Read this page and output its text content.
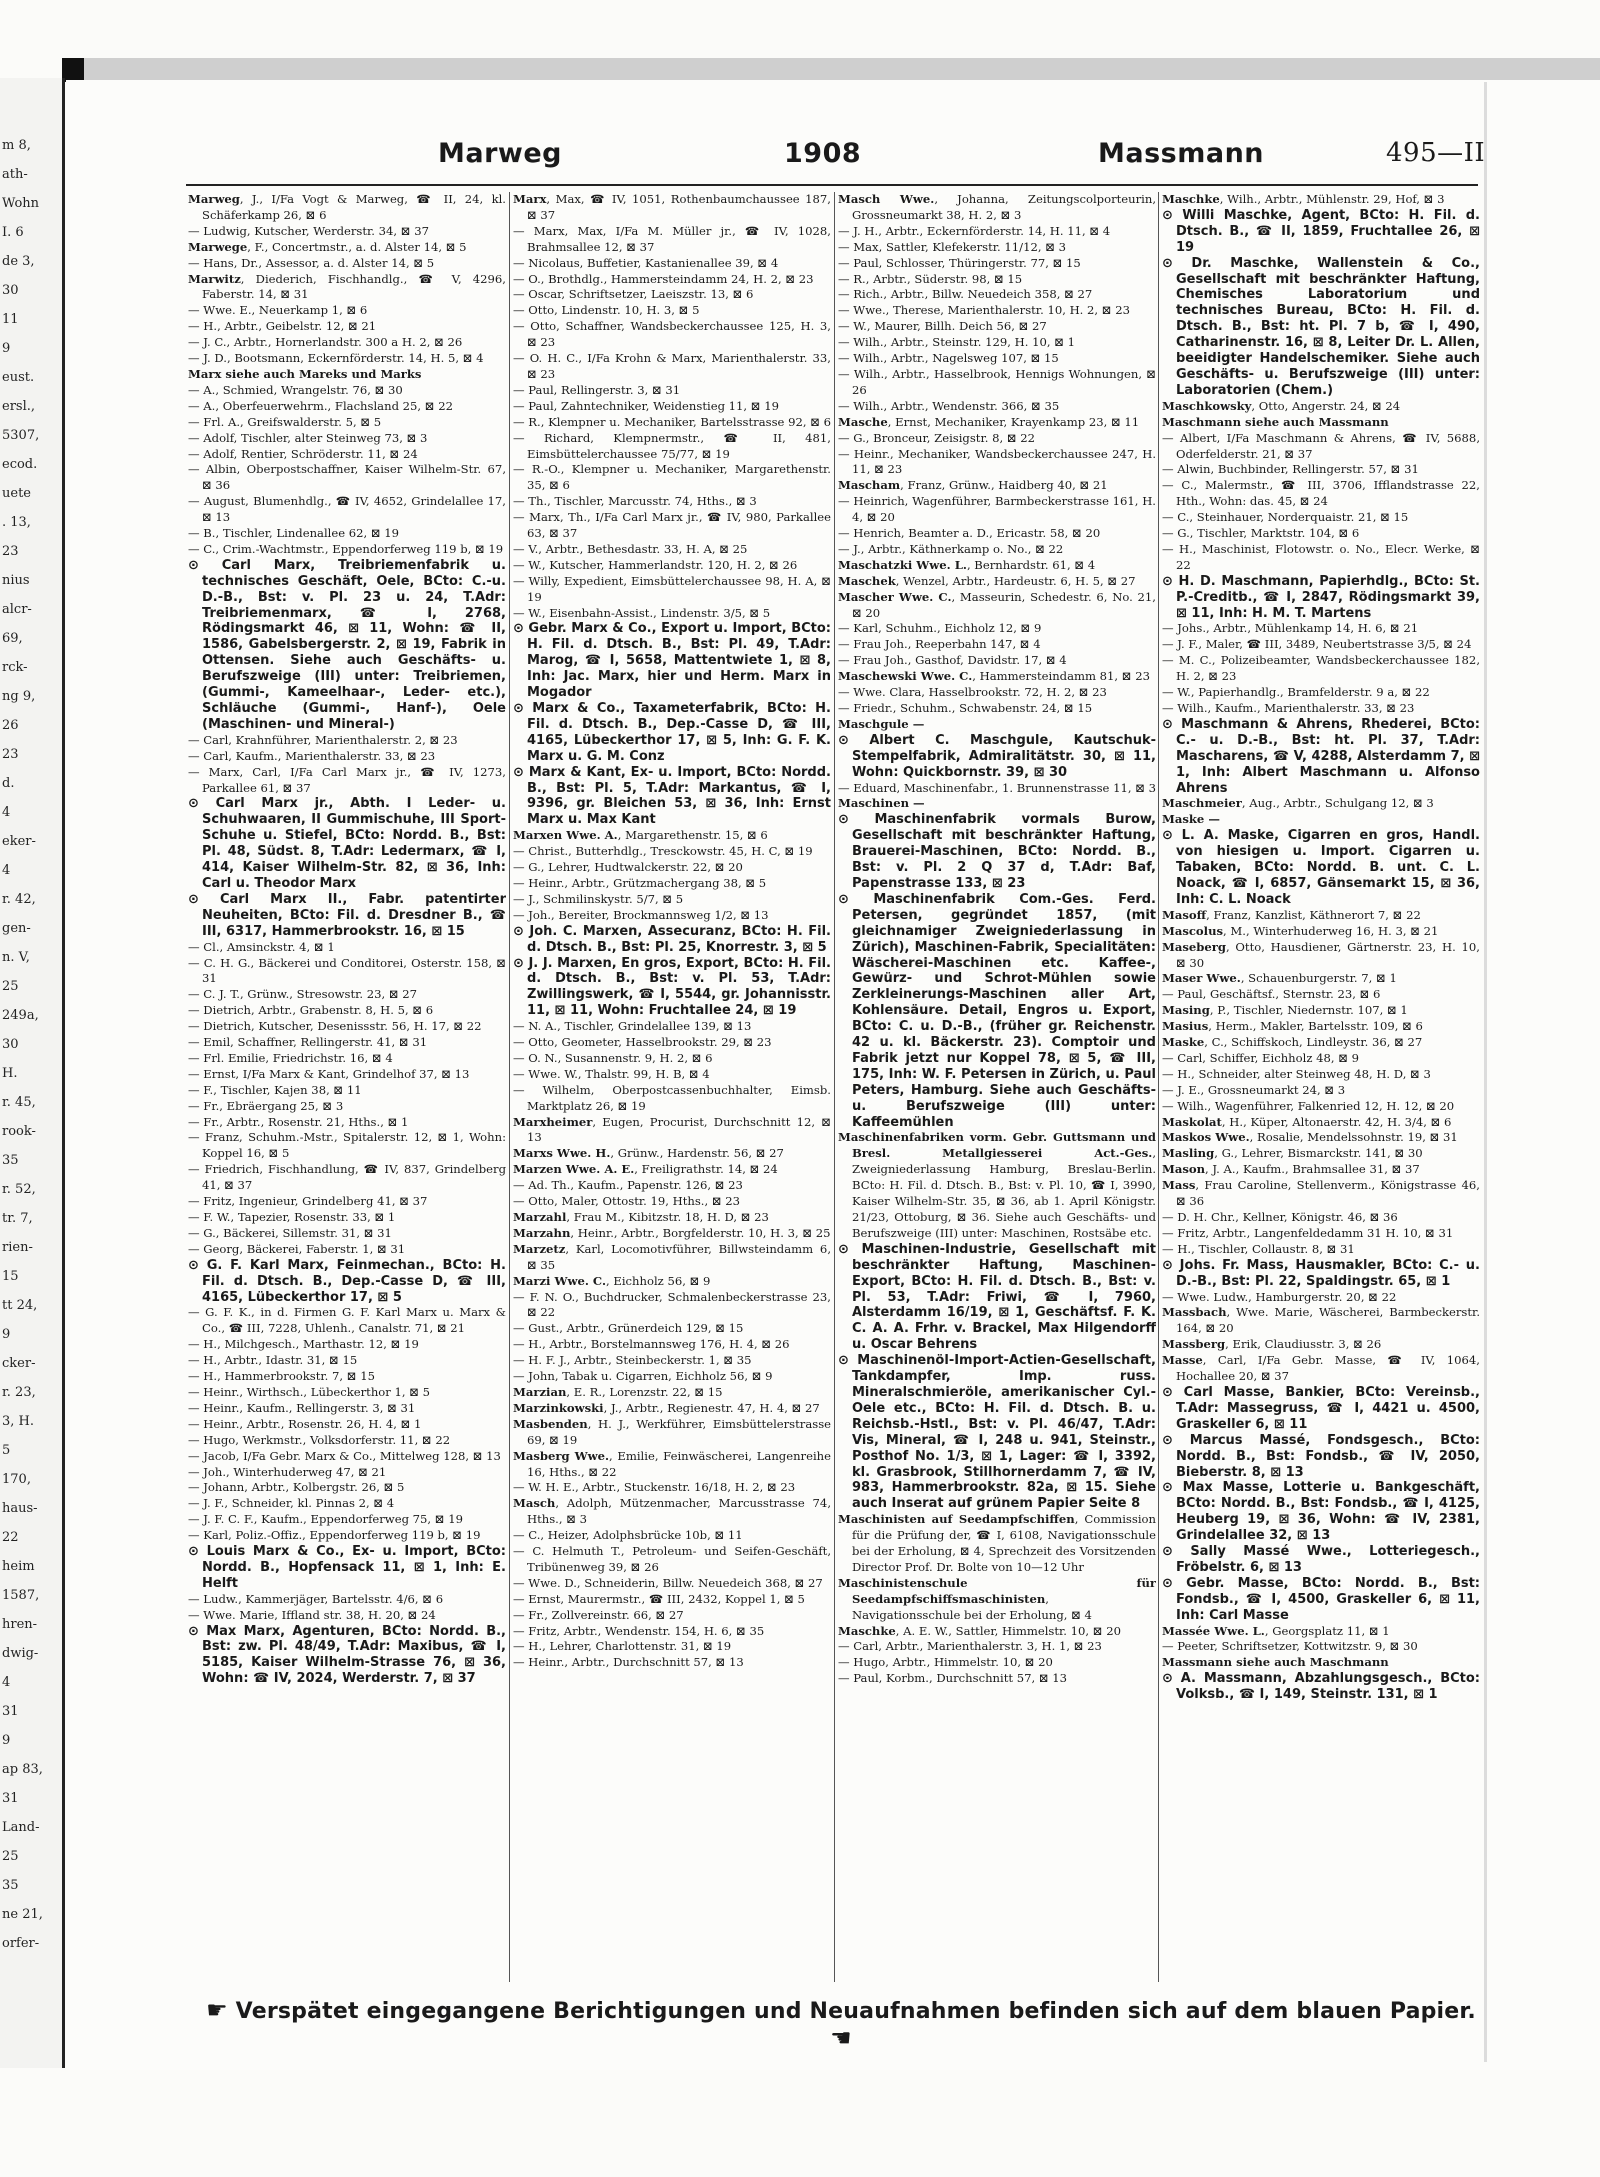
m 8,
ath-
Wohn
I. 6
de 3,
30
11
9
eust.
ersl.,
5307,
ecod.
uete
. 13,
23
nius
alcr-
69,
rck-
ng 9,
26
23
d.
4
eker-
4
r. 42,
gen-
n. V,
25
249a,
30
H.
r. 45,
rook-
35
r. 52,
tr. 7,
rien-
15
tt 24,
9
cker-
r. 23,
3, H.
5
170,
haus-
22
heim
1587,
hren-
dwig-
4
31
9
ap 83,
31
Land-
25
35
ne 21,
orfer-
Marweg	1908	Massmann	495—II

Marweg, J., I/Fa Vogt & Marweg, ☎ II, 24, kl. Schäferkamp 26, ⊠ 6

— Ludwig, Kutscher, Werderstr. 34, ⊠ 37

Marwege, F., Concertmstr., a. d. Alster 14, ⊠ 5

— Hans, Dr., Assessor, a. d. Alster 14, ⊠ 5

Marwitz, Diederich, Fischhandlg., ☎ V, 4296, Faberstr. 14, ⊠ 31

— Wwe. E., Neuerkamp 1, ⊠ 6

— H., Arbtr., Geibelstr. 12, ⊠ 21

— J. C., Arbtr., Hornerlandstr. 300 a H. 2, ⊠ 26

— J. D., Bootsmann, Eckernförderstr. 14, H. 5, ⊠ 4

Marx siehe auch Mareks und Marks

— A., Schmied, Wrangelstr. 76, ⊠ 30

— A., Oberfeuerwehrm., Flachsland 25, ⊠ 22

— Frl. A., Greifswalderstr. 5, ⊠ 5

— Adolf, Tischler, alter Steinweg 73, ⊠ 3

— Adolf, Rentier, Schröderstr. 11, ⊠ 24

— Albin, Oberpostschaffner, Kaiser Wilhelm-Str. 67, ⊠ 36

— August, Blumenhdlg., ☎ IV, 4652, Grindelallee 17, ⊠ 13

— B., Tischler, Lindenallee 62, ⊠ 19

— C., Crim.-Wachtmstr., Eppendorferweg 119 b, ⊠ 19

⊙ Carl Marx, Treibriemenfabrik u. technisches Geschäft, Oele, BCto: C.-u. D.-B., Bst: v. Pl. 23 u. 24, T.Adr: Treibriemenmarx, ☎ I, 2768, Rödingsmarkt 46, ⊠ 11, Wohn: ☎ II, 1586, Gabelsbergerstr. 2, ⊠ 19, Fabrik in Ottensen. Siehe auch Geschäfts- u. Berufszweige (III) unter: Treibriemen, (Gummi-, Kameelhaar-, Leder- etc.), Schläuche (Gummi-, Hanf-), Oele (Maschinen- und Mineral-)

— Carl, Krahnführer, Marienthalerstr. 2, ⊠ 23

— Carl, Kaufm., Marienthalerstr. 33, ⊠ 23

— Marx, Carl, I/Fa Carl Marx jr., ☎ IV, 1273, Parkallee 61, ⊠ 37

⊙ Carl Marx jr., Abth. I Leder- u. Schuhwaaren, II Gummischuhe, III Sport-Schuhe u. Stiefel, BCto: Nordd. B., Bst: Pl. 48, Südst. 8, T.Adr: Ledermarx, ☎ I, 414, Kaiser Wilhelm-Str. 82, ⊠ 36, Inh: Carl u. Theodor Marx

⊙ Carl Marx II., Fabr. patentirter Neuheiten, BCto: Fil. d. Dresdner B., ☎ III, 6317, Hammerbrookstr. 16, ⊠ 15

— Cl., Amsinckstr. 4, ⊠ 1

— C. H. G., Bäckerei und Conditorei, Osterstr. 158, ⊠ 31

— C. J. T., Grünw., Stresowstr. 23, ⊠ 27

— Dietrich, Arbtr., Grabenstr. 8, H. 5, ⊠ 6

— Dietrich, Kutscher, Desenissstr. 56, H. 17, ⊠ 22

— Emil, Schaffner, Rellingerstr. 41, ⊠ 31

— Frl. Emilie, Friedrichstr. 16, ⊠ 4

— Ernst, I/Fa Marx & Kant, Grindelhof 37, ⊠ 13

— F., Tischler, Kajen 38, ⊠ 11

— Fr., Ebräergang 25, ⊠ 3

— Fr., Arbtr., Rosenstr. 21, Hths., ⊠ 1

— Franz, Schuhm.-Mstr., Spitalerstr. 12, ⊠ 1, Wohn: Koppel 16, ⊠ 5

— Friedrich, Fischhandlung, ☎ IV, 837, Grindelberg 41, ⊠ 37

— Fritz, Ingenieur, Grindelberg 41, ⊠ 37

— F. W., Tapezier, Rosenstr. 33, ⊠ 1

— G., Bäckerei, Sillemstr. 31, ⊠ 31

— Georg, Bäckerei, Faberstr. 1, ⊠ 31

⊙ G. F. Karl Marx, Feinmechan., BCto: H. Fil. d. Dtsch. B., Dep.-Casse D, ☎ III, 4165, Lübeckerthor 17, ⊠ 5

— G. F. K., in d. Firmen G. F. Karl Marx u. Marx & Co., ☎ III, 7228, Uhlenh., Canalstr. 71, ⊠ 21

— H., Milchgesch., Marthastr. 12, ⊠ 19

— H., Arbtr., Idastr. 31, ⊠ 15

— H., Hammerbrookstr. 7, ⊠ 15

— Heinr., Wirthsch., Lübeckerthor 1, ⊠ 5

— Heinr., Kaufm., Rellingerstr. 3, ⊠ 31

— Heinr., Arbtr., Rosenstr. 26, H. 4, ⊠ 1

— Hugo, Werkmstr., Volksdorferstr. 11, ⊠ 22

— Jacob, I/Fa Gebr. Marx & Co., Mittelweg 128, ⊠ 13

— Joh., Winterhuderweg 47, ⊠ 21

— Johann, Arbtr., Kolbergstr. 26, ⊠ 5

— J. F., Schneider, kl. Pinnas 2, ⊠ 4

— J. F. C. F., Kaufm., Eppendorferweg 75, ⊠ 19

— Karl, Poliz.-Offiz., Eppendorferweg 119 b, ⊠ 19

⊙ Louis Marx & Co., Ex- u. Import, BCto: Nordd. B., Hopfensack 11, ⊠ 1, Inh: E. Helft

— Ludw., Kammerjäger, Bartelsstr. 4/6, ⊠ 6

— Wwe. Marie, Iffland str. 38, H. 20, ⊠ 24

⊙ Max Marx, Agenturen, BCto: Nordd. B., Bst: zw. Pl. 48/49, T.Adr: Maxibus, ☎ I, 5185, Kaiser Wilhelm-Strasse 76, ⊠ 36, Wohn: ☎ IV, 2024, Werderstr. 7, ⊠ 37

Marx, Max, ☎ IV, 1051, Rothenbaumchaussee 187, ⊠ 37

— Marx, Max, I/Fa M. Müller jr., ☎ IV, 1028, Brahmsallee 12, ⊠ 37

— Nicolaus, Buffetier, Kastanienallee 39, ⊠ 4

— O., Brothdlg., Hammersteindamm 24, H. 2, ⊠ 23

— Oscar, Schriftsetzer, Laeiszstr. 13, ⊠ 6

— Otto, Lindenstr. 10, H. 3, ⊠ 5

— Otto, Schaffner, Wandsbeckerchaussee 125, H. 3, ⊠ 23

— O. H. C., I/Fa Krohn & Marx, Marienthalerstr. 33, ⊠ 23

— Paul, Rellingerstr. 3, ⊠ 31

— Paul, Zahntechniker, Weidenstieg 11, ⊠ 19

— R., Klempner u. Mechaniker, Bartelsstrasse 92, ⊠ 6

— Richard, Klempnermstr., ☎ II, 481, Eimsbüttelerchaussee 75/77, ⊠ 19

— R.-O., Klempner u. Mechaniker, Margarethenstr. 35, ⊠ 6

— Th., Tischler, Marcusstr. 74, Hths., ⊠ 3

— Marx, Th., I/Fa Carl Marx jr., ☎ IV, 980, Parkallee 63, ⊠ 37

— V., Arbtr., Bethesdastr. 33, H. A, ⊠ 25

— W., Kutscher, Hammerlandstr. 120, H. 2, ⊠ 26

— Willy, Expedient, Eimsbüttelerchaussee 98, H. A, ⊠ 19

— W., Eisenbahn-Assist., Lindenstr. 3/5, ⊠ 5

⊙ Gebr. Marx & Co., Export u. Import, BCto: H. Fil. d. Dtsch. B., Bst: Pl. 49, T.Adr: Marog, ☎ I, 5658, Mattentwiete 1, ⊠ 8, Inh: Jac. Marx, hier und Herm. Marx in Mogador

⊙ Marx & Co., Taxameterfabrik, BCto: H. Fil. d. Dtsch. B., Dep.-Casse D, ☎ III, 4165, Lübeckerthor 17, ⊠ 5, Inh: G. F. K. Marx u. G. M. Conz

⊙ Marx & Kant, Ex- u. Import, BCto: Nordd. B., Bst: Pl. 5, T.Adr: Markantus, ☎ I, 9396, gr. Bleichen 53, ⊠ 36, Inh: Ernst Marx u. Max Kant

Marxen Wwe. A., Margarethenstr. 15, ⊠ 6

— Christ., Butterhdlg., Tresckowstr. 45, H. C, ⊠ 19

— G., Lehrer, Hudtwalckerstr. 22, ⊠ 20

— Heinr., Arbtr., Grützmachergang 38, ⊠ 5

— J., Schmilinskystr. 5/7, ⊠ 5

— Joh., Bereiter, Brockmannsweg 1/2, ⊠ 13

⊙ Joh. C. Marxen, Assecuranz, BCto: H. Fil. d. Dtsch. B., Bst: Pl. 25, Knorrestr. 3, ⊠ 5

⊙ J. J. Marxen, En gros, Export, BCto: H. Fil. d. Dtsch. B., Bst: v. Pl. 53, T.Adr: Zwillingswerk, ☎ I, 5544, gr. Johannisstr. 11, ⊠ 11, Wohn: Fruchtallee 24, ⊠ 19

— N. A., Tischler, Grindelallee 139, ⊠ 13

— Otto, Geometer, Hasselbrookstr. 29, ⊠ 23

— O. N., Susannenstr. 9, H. 2, ⊠ 6

— Wwe. W., Thalstr. 99, H. B, ⊠ 4

— Wilhelm, Oberpostcassenbuchhalter, Eimsb. Marktplatz 26, ⊠ 19

Marxheimer, Eugen, Procurist, Durchschnitt 12, ⊠ 13

Marxs Wwe. H., Grünw., Hardenstr. 56, ⊠ 27

Marzen Wwe. A. E., Freiligrathstr. 14, ⊠ 24

— Ad. Th., Kaufm., Papenstr. 126, ⊠ 23

— Otto, Maler, Ottostr. 19, Hths., ⊠ 23

Marzahl, Frau M., Kibitzstr. 18, H. D, ⊠ 23

Marzahn, Heinr., Arbtr., Borgfelderstr. 10, H. 3, ⊠ 25

Marzetz, Karl, Locomotivführer, Billwsteindamm 6, ⊠ 35

Marzi Wwe. C., Eichholz 56, ⊠ 9

— F. N. O., Buchdrucker, Schmalenbeckerstrasse 23, ⊠ 22

— Gust., Arbtr., Grünerdeich 129, ⊠ 15

— H., Arbtr., Borstelmannsweg 176, H. 4, ⊠ 26

— H. F. J., Arbtr., Steinbeckerstr. 1, ⊠ 35

— John, Tabak u. Cigarren, Eichholz 56, ⊠ 9

Marzian, E. R., Lorenzstr. 22, ⊠ 15

Marzinkowski, J., Arbtr., Regienestr. 47, H. 4, ⊠ 27

Masbenden, H. J., Werkführer, Eimsbüttelerstrasse 69, ⊠ 19

Masberg Wwe., Emilie, Feinwäscherei, Langenreihe 16, Hths., ⊠ 22

— W. H. E., Arbtr., Stuckenstr. 16/18, H. 2, ⊠ 23

Masch, Adolph, Mützenmacher, Marcusstrasse 74, Hths., ⊠ 3

— C., Heizer, Adolphsbrücke 10b, ⊠ 11

— C. Helmuth T., Petroleum- und Seifen-Geschäft, Tribünenweg 39, ⊠ 26

— Wwe. D., Schneiderin, Billw. Neuedeich 368, ⊠ 27

— Ernst, Maurermstr., ☎ III, 2432, Koppel 1, ⊠ 5

— Fr., Zollvereinstr. 66, ⊠ 27

— Fritz, Arbtr., Wendenstr. 154, H. 6, ⊠ 35

— H., Lehrer, Charlottenstr. 31, ⊠ 19

— Heinr., Arbtr., Durchschnitt 57, ⊠ 13

Masch Wwe., Johanna, Zeitungscolporteurin, Grossneumarkt 38, H. 2, ⊠ 3

— J. H., Arbtr., Eckernförderstr. 14, H. 11, ⊠ 4

— Max, Sattler, Klefekerstr. 11/12, ⊠ 3

— Paul, Schlosser, Thüringerstr. 77, ⊠ 15

— R., Arbtr., Süderstr. 98, ⊠ 15

— Rich., Arbtr., Billw. Neuedeich 358, ⊠ 27

— Wwe., Therese, Marienthalerstr. 10, H. 2, ⊠ 23

— W., Maurer, Billh. Deich 56, ⊠ 27

— Wilh., Arbtr., Steinstr. 129, H. 10, ⊠ 1

— Wilh., Arbtr., Nagelsweg 107, ⊠ 15

— Wilh., Arbtr., Hasselbrook, Hennigs Wohnungen, ⊠ 26

— Wilh., Arbtr., Wendenstr. 366, ⊠ 35

Masche, Ernst, Mechaniker, Krayenkamp 23, ⊠ 11

— G., Bronceur, Zeisigstr. 8, ⊠ 22

— Heinr., Mechaniker, Wandsbeckerchaussee 247, H. 11, ⊠ 23

Mascham, Franz, Grünw., Haidberg 40, ⊠ 21

— Heinrich, Wagenführer, Barmbeckerstrasse 161, H. 4, ⊠ 20

— Henrich, Beamter a. D., Ericastr. 58, ⊠ 20

— J., Arbtr., Käthnerkamp o. No., ⊠ 22

Maschatzki Wwe. L., Bernhardstr. 61, ⊠ 4

Maschek, Wenzel, Arbtr., Hardeustr. 6, H. 5, ⊠ 27

Mascher Wwe. C., Masseurin, Schedestr. 6, No. 21, ⊠ 20

— Karl, Schuhm., Eichholz 12, ⊠ 9

— Frau Joh., Reeperbahn 147, ⊠ 4

— Frau Joh., Gasthof, Davidstr. 17, ⊠ 4

Maschewski Wwe. C., Hammersteindamm 81, ⊠ 23

— Wwe. Clara, Hasselbrookstr. 72, H. 2, ⊠ 23

— Friedr., Schuhm., Schwabenstr. 24, ⊠ 15

Maschgule —

⊙ Albert C. Maschgule, Kautschuk-Stempelfabrik, Admiralitätstr. 30, ⊠ 11, Wohn: Quickbornstr. 39, ⊠ 30

— Eduard, Maschinenfabr., 1. Brunnenstrasse 11, ⊠ 3

Maschinen —

⊙ Maschinenfabrik vormals Burow, Gesellschaft mit beschränkter Haftung, Brauerei-Maschinen, BCto: Nordd. B., Bst: v. Pl. 2 Q 37 d, T.Adr: Baf, Papenstrasse 133, ⊠ 23

⊙ Maschinenfabrik Com.-Ges. Ferd. Petersen, gegründet 1857, (mit gleichnamiger Zweigniederlassung in Zürich), Maschinen-Fabrik, Specialitäten: Wäscherei-Maschinen etc. Kaffee-, Gewürz- und Schrot-Mühlen sowie Zerkleinerungs-Maschinen aller Art, Kohlensäure. Detail, Engros u. Export, BCto: C. u. D.-B., (früher gr. Reichenstr. 42 u. kl. Bäckerstr. 23). Comptoir und Fabrik jetzt nur Koppel 78, ⊠ 5, ☎ III, 175, Inh: W. F. Petersen in Zürich, u. Paul Peters, Hamburg. Siehe auch Geschäfts- u. Berufszweige (III) unter: Kaffeemühlen

Maschinenfabriken vorm. Gebr. Guttsmann und Bresl. Metallgiesserei Act.-Ges., Zweigniederlassung Hamburg, Breslau-Berlin. BCto: H. Fil. d. Dtsch. B., Bst: v. Pl. 10, ☎ I, 3990, Kaiser Wilhelm-Str. 35, ⊠ 36, ab 1. April Königstr. 21/23, Ottoburg, ⊠ 36. Siehe auch Geschäfts- und Berufszweige (III) unter: Maschinen, Rostsäbe etc.

⊙ Maschinen-Industrie, Gesellschaft mit beschränkter Haftung, Maschinen-Export, BCto: H. Fil. d. Dtsch. B., Bst: v. Pl. 53, T.Adr: Friwi, ☎ I, 7960, Alsterdamm 16/19, ⊠ 1, Geschäftsf. F. K. C. A. A. Frhr. v. Brackel, Max Hilgendorff u. Oscar Behrens

⊙ Maschinenöl-Import-Actien-Gesellschaft, Tankdampfer, Imp. russ. Mineralschmieröle, amerikanischer Cyl.-Oele etc., BCto: H. Fil. d. Dtsch. B. u. Reichsb.-Hstl., Bst: v. Pl. 46/47, T.Adr: Vis, Mineral, ☎ I, 248 u. 941, Steinstr., Posthof No. 1/3, ⊠ 1, Lager: ☎ I, 3392, kl. Grasbrook, Stillhornerdamm 7, ☎ IV, 983, Hammerbrookstr. 82a, ⊠ 15. Siehe auch Inserat auf grünem Papier Seite 8

Maschinisten auf Seedampfschiffen, Commission für die Prüfung der, ☎ I, 6108, Navigationsschule bei der Erholung, ⊠ 4, Sprechzeit des Vorsitzenden Director Prof. Dr. Bolte von 10—12 Uhr

Maschinistenschule für Seedampfschiffsmaschinisten, Navigationsschule bei der Erholung, ⊠ 4

Maschke, A. E. W., Sattler, Himmelstr. 10, ⊠ 20

— Carl, Arbtr., Marienthalerstr. 3, H. 1, ⊠ 23

— Hugo, Arbtr., Himmelstr. 10, ⊠ 20

— Paul, Korbm., Durchschnitt 57, ⊠ 13

Maschke, Wilh., Arbtr., Mühlenstr. 29, Hof, ⊠ 3

⊙ Willi Maschke, Agent, BCto: H. Fil. d. Dtsch. B., ☎ II, 1859, Fruchtallee 26, ⊠ 19

⊙ Dr. Maschke, Wallenstein & Co., Gesellschaft mit beschränkter Haftung, Chemisches Laboratorium und technisches Bureau, BCto: H. Fil. d. Dtsch. B., Bst: ht. Pl. 7 b, ☎ I, 490, Catharinenstr. 16, ⊠ 8, Leiter Dr. L. Allen, beeidigter Handelschemiker. Siehe auch Geschäfts- u. Berufszweige (III) unter: Laboratorien (Chem.)

Maschkowsky, Otto, Angerstr. 24, ⊠ 24

Maschmann siehe auch Massmann

— Albert, I/Fa Maschmann & Ahrens, ☎ IV, 5688, Oderfelderstr. 21, ⊠ 37

— Alwin, Buchbinder, Rellingerstr. 57, ⊠ 31

— C., Malermstr., ☎ III, 3706, Ifflandstrasse 22, Hth., Wohn: das. 45, ⊠ 24

— C., Steinhauer, Norderquaistr. 21, ⊠ 15

— G., Tischler, Marktstr. 104, ⊠ 6

— H., Maschinist, Flotowstr. o. No., Elecr. Werke, ⊠ 22

⊙ H. D. Maschmann, Papierhdlg., BCto: St. P.-Creditb., ☎ I, 2847, Rödingsmarkt 39, ⊠ 11, Inh: H. M. T. Martens

— Johs., Arbtr., Mühlenkamp 14, H. 6, ⊠ 21

— J. F., Maler, ☎ III, 3489, Neubertstrasse 3/5, ⊠ 24

— M. C., Polizeibeamter, Wandsbeckerchaussee 182, H. 2, ⊠ 23

— W., Papierhandlg., Bramfelderstr. 9 a, ⊠ 22

— Wilh., Kaufm., Marienthalerstr. 33, ⊠ 23

⊙ Maschmann & Ahrens, Rhederei, BCto: C.- u. D.-B., Bst: ht. Pl. 37, T.Adr: Mascharens, ☎ V, 4288, Alsterdamm 7, ⊠ 1, Inh: Albert Maschmann u. Alfonso Ahrens

Maschmeier, Aug., Arbtr., Schulgang 12, ⊠ 3

Maske —

⊙ L. A. Maske, Cigarren en gros, Handl. von hiesigen u. Import. Cigarren u. Tabaken, BCto: Nordd. B. unt. C. L. Noack, ☎ I, 6857, Gänsemarkt 15, ⊠ 36, Inh: C. L. Noack

Masoff, Franz, Kanzlist, Käthnerort 7, ⊠ 22

Mascolus, M., Winterhuderweg 16, H. 3, ⊠ 21

Maseberg, Otto, Hausdiener, Gärtnerstr. 23, H. 10, ⊠ 30

Maser Wwe., Schauenburgerstr. 7, ⊠ 1

— Paul, Geschäftsf., Sternstr. 23, ⊠ 6

Masing, P., Tischler, Niedernstr. 107, ⊠ 1

Masius, Herm., Makler, Bartelsstr. 109, ⊠ 6

Maske, C., Schiffskoch, Lindleystr. 36, ⊠ 27

— Carl, Schiffer, Eichholz 48, ⊠ 9

— H., Schneider, alter Steinweg 48, H. D, ⊠ 3

— J. E., Grossneumarkt 24, ⊠ 3

— Wilh., Wagenführer, Falkenried 12, H. 12, ⊠ 20

Maskolat, H., Küper, Altonaerstr. 42, H. 3/4, ⊠ 6

Maskos Wwe., Rosalie, Mendelssohnstr. 19, ⊠ 31

Masling, G., Lehrer, Bismarckstr. 141, ⊠ 30

Mason, J. A., Kaufm., Brahmsallee 31, ⊠ 37

Mass, Frau Caroline, Stellenverm., Königstrasse 46, ⊠ 36

— D. H. Chr., Kellner, Königstr. 46, ⊠ 36

— Fritz, Arbtr., Langenfeldedamm 31 H. 10, ⊠ 31

— H., Tischler, Collaustr. 8, ⊠ 31

⊙ Johs. Fr. Mass, Hausmakler, BCto: C.- u. D.-B., Bst: Pl. 22, Spaldingstr. 65, ⊠ 1

— Wwe. Ludw., Hamburgerstr. 20, ⊠ 22

Massbach, Wwe. Marie, Wäscherei, Barmbeckerstr. 164, ⊠ 20

Massberg, Erik, Claudiusstr. 3, ⊠ 26

Masse, Carl, I/Fa Gebr. Masse, ☎ IV, 1064, Hochallee 20, ⊠ 37

⊙ Carl Masse, Bankier, BCto: Vereinsb., T.Adr: Massegruss, ☎ I, 4421 u. 4500, Graskeller 6, ⊠ 11

⊙ Marcus Massé, Fondsgesch., BCto: Nordd. B., Bst: Fondsb., ☎ IV, 2050, Bieberstr. 8, ⊠ 13

⊙ Max Masse, Lotterie u. Bankgeschäft, BCto: Nordd. B., Bst: Fondsb., ☎ I, 4125, Heuberg 19, ⊠ 36, Wohn: ☎ IV, 2381, Grindelallee 32, ⊠ 13

⊙ Sally Massé Wwe., Lotteriegesch., Fröbelstr. 6, ⊠ 13

⊙ Gebr. Masse, BCto: Nordd. B., Bst: Fondsb., ☎ I, 4500, Graskeller 6, ⊠ 11, Inh: Carl Masse

Massée Wwe. L., Georgsplatz 11, ⊠ 1

— Peeter, Schriftsetzer, Kottwitzstr. 9, ⊠ 30

Massmann siehe auch Maschmann

⊙ A. Massmann, Abzahlungsgesch., BCto: Volksb., ☎ I, 149, Steinstr. 131, ⊠ 1

☛ Verspätet eingegangene Berichtigungen und Neuaufnahmen befinden sich auf dem blauen Papier. ☚
